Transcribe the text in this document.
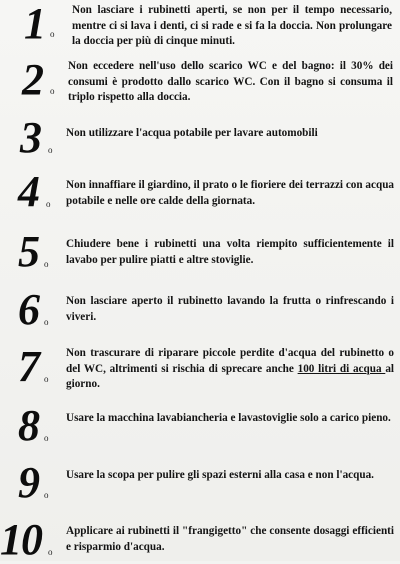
1 o
Non lasciare i rubinetti aperti, se non per il tempo necessario, mentre ci si lava i denti, ci si rade e si fa la doccia. Non prolungare la doccia per più di cinque minuti.
2 o
Non eccedere nell'uso dello scarico WC e del bagno: il 30% dei consumi è prodotto dallo scarico WC. Con il bagno si consuma il triplo rispetto alla doccia.
3 o
Non utilizzare l'acqua potabile per lavare automobili
4 o
Non innaffiare il giardino, il prato o le fioriere dei terrazzi con acqua potabile e nelle ore calde della giornata.
5 o
Chiudere bene i rubinetti una volta riempito sufficientemente il lavabo per pulire piatti e altre stoviglie.
6 o
Non lasciare aperto il rubinetto lavando la frutta o rinfrescando i viveri.
7 o
Non trascurare di riparare piccole perdite d'acqua del rubinetto o del WC, altrimenti si rischia di sprecare anche 100 litri di acqua al giorno.
8 o
Usare la macchina lavabiancheria e lavastoviglie solo a carico pieno.
9 o
Usare la scopa per pulire gli spazi esterni alla casa e non l'acqua.
10 o
Applicare ai rubinetti il "frangigetto" che consente dosaggi efficienti e risparmio d'acqua.
